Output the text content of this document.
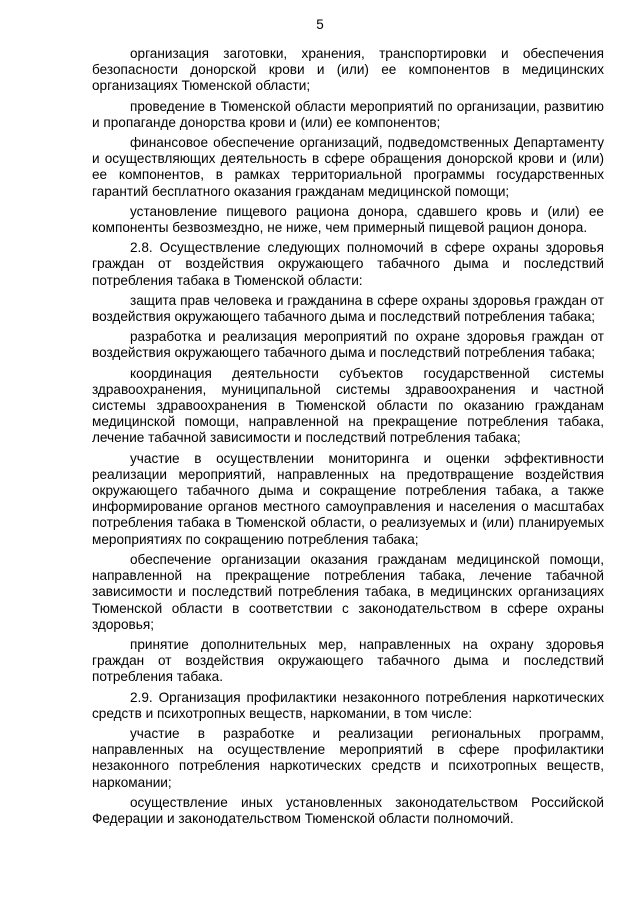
5

организация заготовки, хранения, транспортировки и обеспечения безопасности донорской крови и (или) ее компонентов в медицинских организациях Тюменской области;

проведение в Тюменской области мероприятий по организации, развитию и пропаганде донорства крови и (или) ее компонентов;

финансовое обеспечение организаций, подведомственных Департаменту и осуществляющих деятельность в сфере обращения донорской крови и (или) ее компонентов, в рамках территориальной программы государственных гарантий бесплатного оказания гражданам медицинской помощи;

установление пищевого рациона донора, сдавшего кровь и (или) ее компоненты безвозмездно, не ниже, чем примерный пищевой рацион донора.

2.8. Осуществление следующих полномочий в сфере охраны здоровья граждан от воздействия окружающего табачного дыма и последствий потребления табака в Тюменской области:

защита прав человека и гражданина в сфере охраны здоровья граждан от воздействия окружающего табачного дыма и последствий потребления табака;

разработка и реализация мероприятий по охране здоровья граждан от воздействия окружающего табачного дыма и последствий потребления табака;

координация деятельности субъектов государственной системы здравоохранения, муниципальной системы здравоохранения и частной системы здравоохранения в Тюменской области по оказанию гражданам медицинской помощи, направленной на прекращение потребления табака, лечение табачной зависимости и последствий потребления табака;

участие в осуществлении мониторинга и оценки эффективности реализации мероприятий, направленных на предотвращение воздействия окружающего табачного дыма и сокращение потребления табака, а также информирование органов местного самоуправления и населения о масштабах потребления табака в Тюменской области, о реализуемых и (или) планируемых мероприятиях по сокращению потребления табака;

обеспечение организации оказания гражданам медицинской помощи, направленной на прекращение потребления табака, лечение табачной зависимости и последствий потребления табака, в медицинских организациях Тюменской области в соответствии с законодательством в сфере охраны здоровья;

принятие дополнительных мер, направленных на охрану здоровья граждан от воздействия окружающего табачного дыма и последствий потребления табака.

2.9. Организация профилактики незаконного потребления наркотических средств и психотропных веществ, наркомании, в том числе:

участие в разработке и реализации региональных программ, направленных на осуществление мероприятий в сфере профилактики незаконного потребления наркотических средств и психотропных веществ, наркомании;

осуществление иных установленных законодательством Российской Федерации и законодательством Тюменской области полномочий.
